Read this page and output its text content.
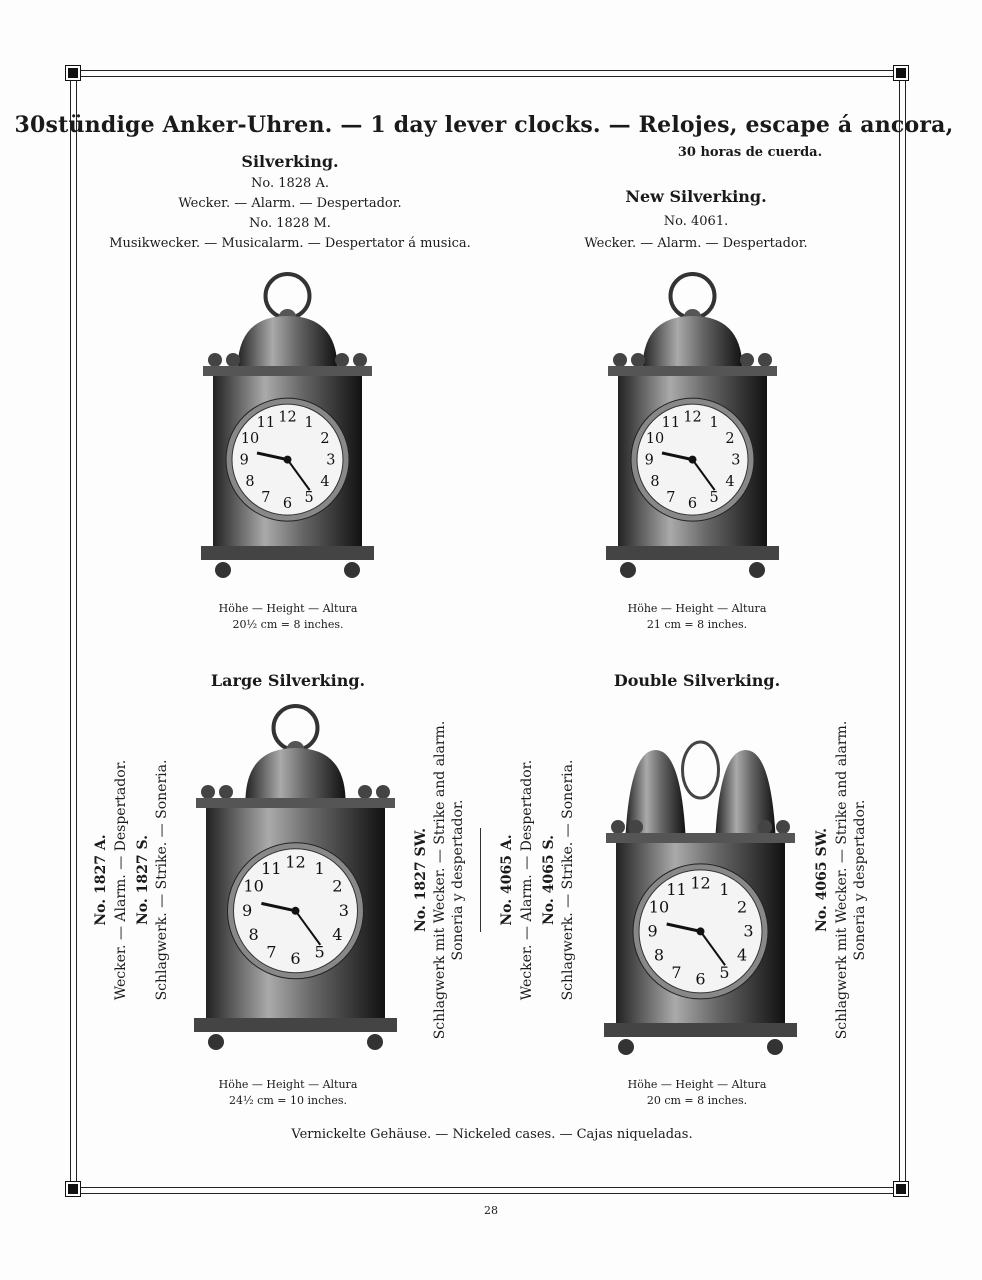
30stündige Anker-Uhren. — 1 day lever clocks. — Relojes, escape á ancora,
30 horas de cuerda.
Silverking.
No. 1828 A.
Wecker. — Alarm. — Despertador.
No. 1828 M.
Musikwecker. — Musicalarm. — Despertator á musica.
1
2
3
4
5
6
7
8
9
10
11 12
Höhe — Height — Altura
20½ cm = 8 inches.
New Silverking.
No. 4061.
Wecker. — Alarm. — Despertador.
1
2
3
4
5
6
7
8
9
10
11 12
Höhe — Height — Altura
21 cm = 8 inches.
Large Silverking.
No. 1827 A. Wecker. — Alarm. — Despertador. No. 1827 S. Schlagwerk. — Strike. — Soneria.	1
2
3
4
5
6
7
8
9
10
11 12	No. 1827 SW. Schlagwerk mit Wecker. — Strike and alarm. Soneria y despertador.
Höhe — Height — Altura
24½ cm = 10 inches.
Double Silverking.
No. 4065 A. Wecker. — Alarm. — Despertador. No. 4065 S. Schlagwerk. — Strike. — Soneria.	1
2
3
4
5
6
7
8
9
10
11 12	No. 4065 SW. Schlagwerk mit Wecker. — Strike and alarm. Soneria y despertador.
Höhe — Height — Altura
20 cm = 8 inches.
Vernickelte Gehäuse. — Nickeled cases. — Cajas niqueladas.
28
